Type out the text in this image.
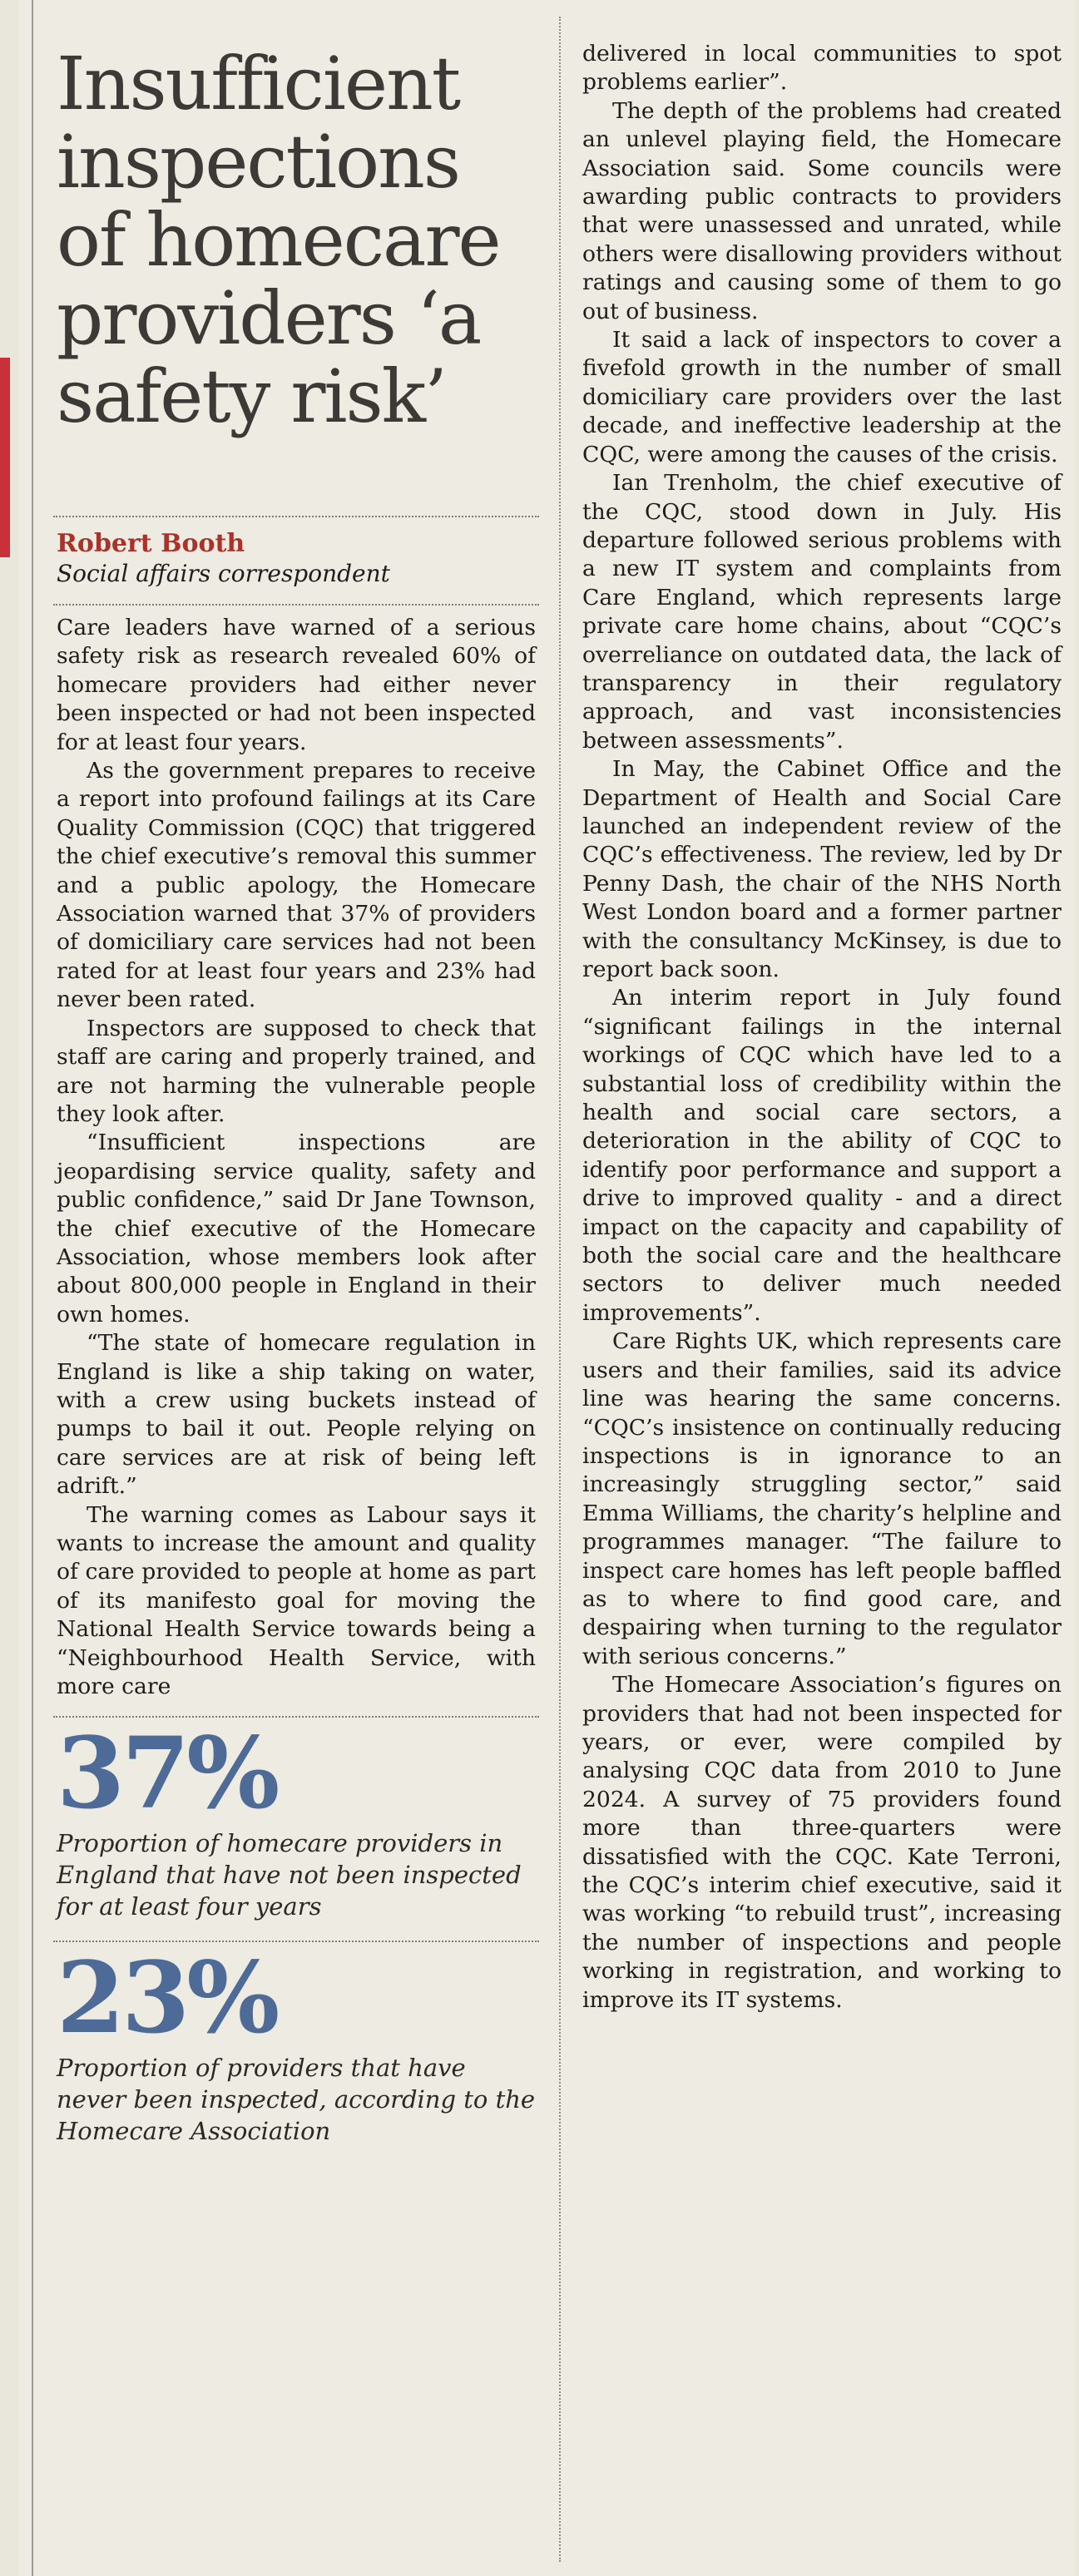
Insufficient inspections of homecare providers ‘a safety risk’
Robert Booth
Social affairs correspondent

Care leaders have warned of a serious safety risk as research revealed 60% of homecare providers had either never been inspected or had not been inspected for at least four years.

As the government prepares to receive a report into profound failings at its Care Quality Commission (CQC) that triggered the chief executive’s removal this summer and a public apology, the Homecare Association warned that 37% of providers of domiciliary care services had not been rated for at least four years and 23% had never been rated.

Inspectors are supposed to check that staff are caring and properly trained, and are not harming the vulnerable people they look after.

“Insufficient inspections are jeopardising service quality, safety and public confidence,” said Dr Jane Townson, the chief executive of the Homecare Association, whose members look after about 800,000 people in England in their own homes.

“The state of homecare regulation in England is like a ship taking on water, with a crew using buckets instead of pumps to bail it out. People relying on care services are at risk of being left adrift.”

The warning comes as Labour says it wants to increase the amount and quality of care provided to people at home as part of its manifesto goal for moving the National Health Service towards being a “Neighbourhood Health Service, with more care

37%
Proportion of homecare providers in England that have not been inspected for at least four years
23%
Proportion of providers that have never been inspected, according to the Homecare Association

delivered in local communities to spot problems earlier”.

The depth of the problems had created an unlevel playing field, the Homecare Association said. Some councils were awarding public contracts to providers that were unassessed and unrated, while others were disallowing providers without ratings and causing some of them to go out of business.

It said a lack of inspectors to cover a fivefold growth in the number of small domiciliary care providers over the last decade, and ineffective leadership at the CQC, were among the causes of the crisis.

Ian Trenholm, the chief executive of the CQC, stood down in July. His departure followed serious problems with a new IT system and complaints from Care England, which represents large private care home chains, about “CQC’s overreliance on outdated data, the lack of transparency in their regulatory approach, and vast inconsistencies between assessments”.

In May, the Cabinet Office and the Department of Health and Social Care launched an independent review of the CQC’s effectiveness. The review, led by Dr Penny Dash, the chair of the NHS North West London board and a former partner with the consultancy McKinsey, is due to report back soon.

An interim report in July found “significant failings in the internal workings of CQC which have led to a substantial loss of credibility within the health and social care sectors, a deterioration in the ability of CQC to identify poor performance and support a drive to improved quality - and a direct impact on the capacity and capability of both the social care and the healthcare sectors to deliver much needed improvements”.

Care Rights UK, which represents care users and their families, said its advice line was hearing the same concerns. “CQC’s insistence on continually reducing inspections is in ignorance to an increasingly struggling sector,” said Emma Williams, the charity’s helpline and programmes manager. “The failure to inspect care homes has left people baffled as to where to find good care, and despairing when turning to the regulator with serious concerns.”

The Homecare Association’s figures on providers that had not been inspected for years, or ever, were compiled by analysing CQC data from 2010 to June 2024. A survey of 75 providers found more than three-quarters were dissatisfied with the CQC. Kate Terroni, the CQC’s interim chief executive, said it was working “to rebuild trust”, increasing the number of inspections and people working in registration, and working to improve its IT systems.
